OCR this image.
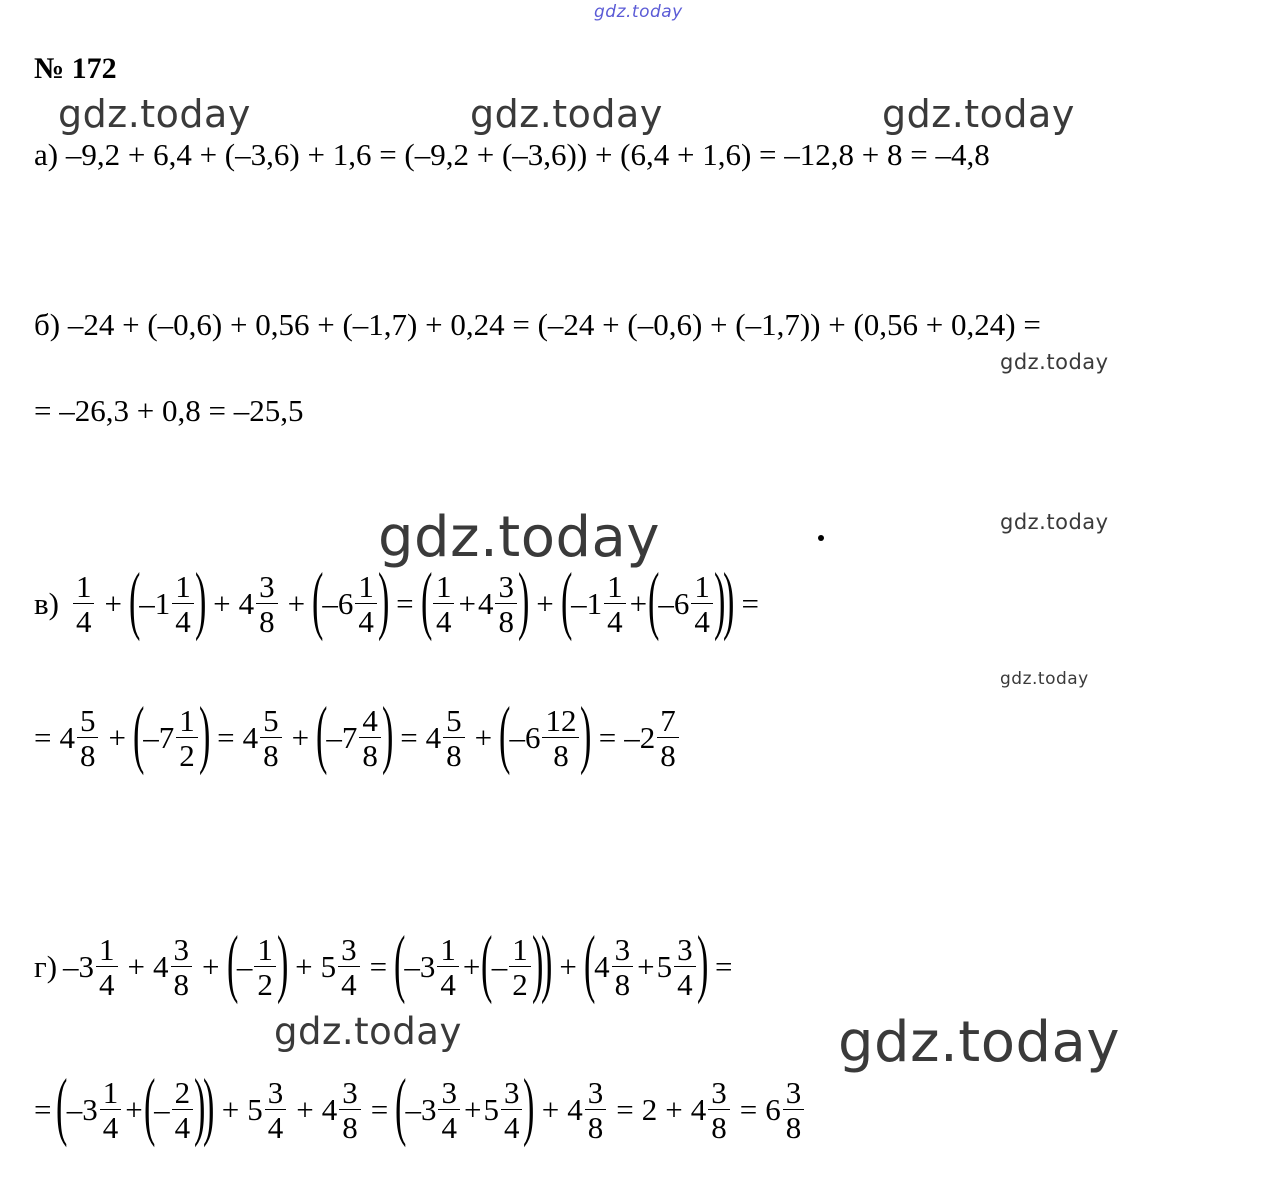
gdz.today
gdz.today	gdz.today	gdz.today
gdz.today
gdz.today
gdz.today
gdz.today
gdz.today	gdz.today
№ 172
а) –9,2 + 6,4 + (–3,6) + 1,6 = (–9,2 + (–3,6)) + (6,4 + 1,6) = –12,8 + 8 = –4,8
б) –24 + (–0,6) + 0,56 + (–1,7) + 0,24 = (–24 + (–0,6) + (–1,7)) + (0,56 + 0,24) =
= –26,3 + 0,8 = –25,5
$в) \frac{1}{4}$ + (
$-1 \frac{1}{4}$ ) + $4 \frac{3}{8}$ + (
$-6 \frac{1}{4}$ ) = ( $\frac{1}{4} + 4 \frac{3}{8}$ ) + (
$-1 \frac{1}{4}$ + (
$-6 \frac{1}{4}$ )
) =
= $4 \frac{5}{8}$ + (
$-7 \frac{1}{2}$ ) = $4 \frac{5}{8}$ + (
$-7 \frac{4}{8}$ ) = $4 \frac{5}{8}$ + (
$-6 \frac{12}{8}$ ) = $-2 \frac{7}{8}$
г) $-3 \frac{1}{4} + 4 \frac{3}{8}$ + (
– $\frac{1}{2}$ ) + $5 \frac{3}{4}$ = (
$-3 \frac{1}{4}$ + (
– $\frac{1}{2}$ )
) + (
$4 \frac{3}{8} + 5 \frac{3}{4}$ ) =
= (
$-3 \frac{1}{4}$ + (
– $\frac{2}{4}$ )
) + $5 \frac{3}{4} + 4 \frac{3}{8}$ = (
$-3 \frac{3}{4} + 5 \frac{3}{4}$ ) + $4 \frac{3}{8} = 2 + 4 \frac{3}{8} = 6 \frac{3}{8}$
